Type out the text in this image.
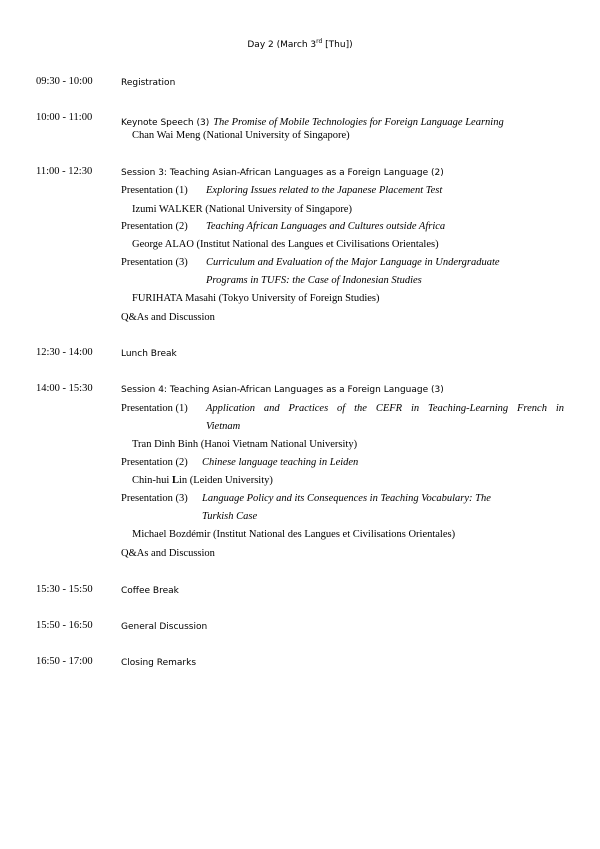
Day 2 (March 3rd [Thu])
09:30 - 10:00	Registration
10:00 - 11:00	Keynote Speech (3) The Promise of Mobile Technologies for Foreign Language Learning
Chan Wai Meng (National University of Singapore)
11:00 - 12:30	Session 3: Teaching Asian-African Languages as a Foreign Language (2)
Presentation (1) Exploring Issues related to the Japanese Placement Test
Izumi WALKER (National University of Singapore)
Presentation (2) Teaching African Languages and Cultures outside Africa
George ALAO (Institut National des Langues et Civilisations Orientales)
Presentation (3) Curriculum and Evaluation of the Major Language in Undergraduate
Programs in TUFS: the Case of Indonesian Studies
FURIHATA Masahi (Tokyo University of Foreign Studies)
Q&As and Discussion
12:30 - 14:00	Lunch Break
14:00 - 15:30	Session 4: Teaching Asian-African Languages as a Foreign Language (3)
Presentation (1) Application and Practices of the CEFR in Teaching-Learning French in
Vietnam
Tran Dinh Binh (Hanoi Vietnam National University)
Presentation (2) Chinese language teaching in Leiden
Chin-hui Lin (Leiden University)
Presentation (3) Language Policy and its Consequences in Teaching Vocabulary: The
Turkish Case
Michael Bozdémir (Institut National des Langues et Civilisations Orientales)
Q&As and Discussion
15:30 - 15:50	Coffee Break
15:50 - 16:50	General Discussion
16:50 - 17:00	Closing Remarks
